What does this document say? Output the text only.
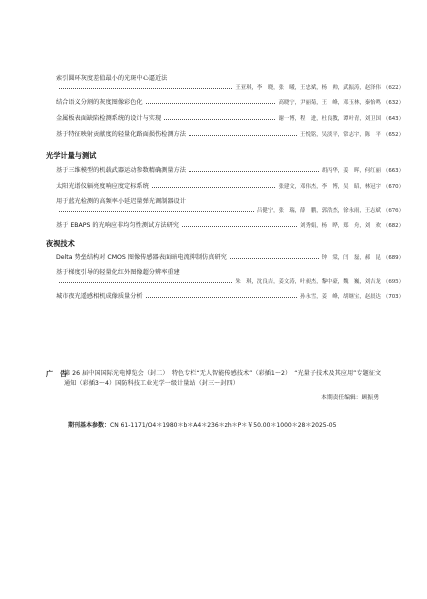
索引圆环灰度差值最小的光斑中心逼近法
王亚琪，李　晓，张　曦，王忠斌，杨　帅，武振涛，赵泽伟 （622）
结合语义分割的灰度图像彩色化	高晓宁，尹丽菊，王　峰，邓玉林，秦怡鸣 （632）
金属板表面缺陷检测系统的设计与实现	谢一博，程　进，杜良教，谭叶青，刘卫国 （643）
基于特征映射贡献度的轻量化路面损伤检测方法	王悦铭，吴淡平，常志宇，陈　平 （652）
光学计量与测试
基于三维模型的机载武器运动参数精确测量方法	胡丙华，姜　晖，何红丽 （663）
太阳光谱仪辐亮度响应度定标系统	张建文，邓伟杰，李　博，吴　昭，林冠宇 （670）
用于蓝光检测的高频率小延迟量弹光调制器设计
吕健宁，张　瑞，薛　鹏，郭浩杰，徐永雨，王志斌 （676）
基于 EBAPS 的光响应非均匀性测试方法研究	刘秀娟，杨　晔，郑　舟，刘　欢 （682）
夜视技术
Delta 势垒结构对 CMOS 图像传感器表面暗电流抑制仿真研究	钟　棠，闫　磊，郝　昆 （689）
基于梯度引导的轻量化红外图像超分辨率重建
朱　琪，沈良吉，姜文涛，叶昶杰，黎中豪，魏　巍，刘吉龙 （695）
城市夜光遥感相机成像质量分析	孙永雪，姜　峰，胡继宝，赵晨达 （703）
广　告
第 26 届中国国际光电博览会（封二）　特色专栏“无人智能传感技术”（彩插1～2）　“光量子技术及其应用”专题征文通知（彩插3～4）国防科技工业光学一级计量站（封三～封四）
本期责任编辑：顾振勇
期刊基本参数：CN 61-1171/O4＊1980＊b＊A4＊236＊zh＊P＊￥50.00＊1000＊28＊2025-05
